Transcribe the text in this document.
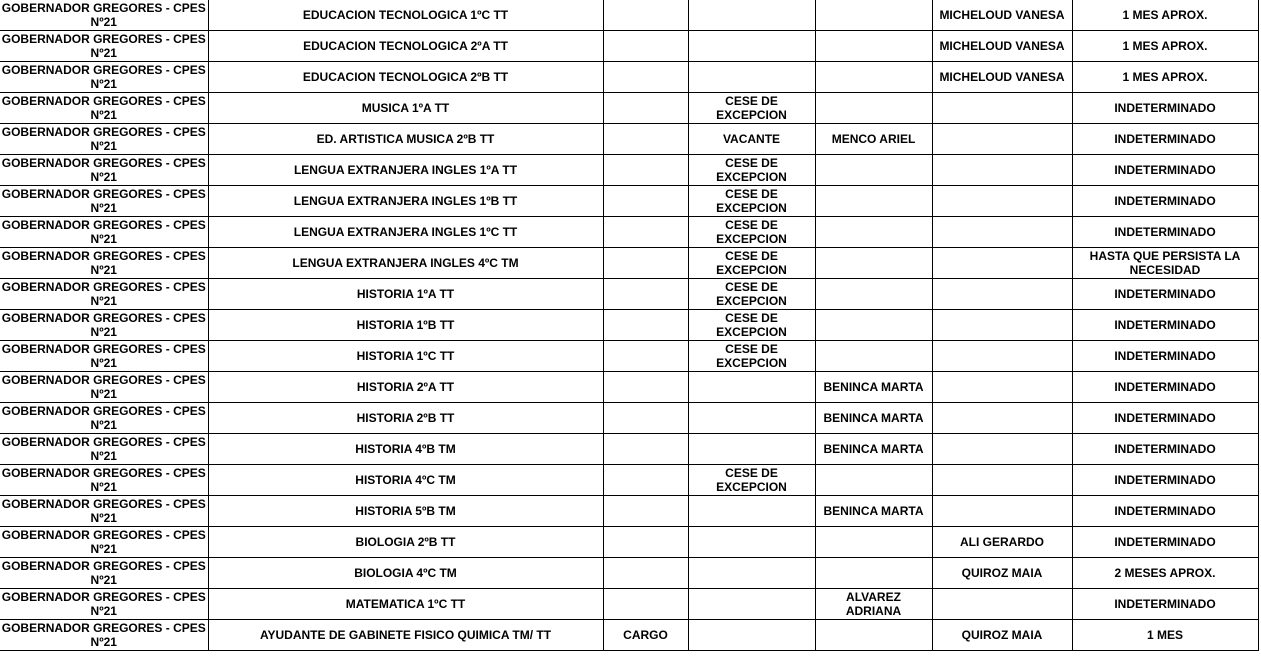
GOBERNADOR GREGORES - CPES Nº21	EDUCACION TECNOLOGICA 1ºC TT				MICHELOUD VANESA	1 MES APROX.
GOBERNADOR GREGORES - CPES Nº21	EDUCACION TECNOLOGICA 2ºA TT				MICHELOUD VANESA	1 MES APROX.
GOBERNADOR GREGORES - CPES Nº21	EDUCACION TECNOLOGICA 2ºB TT				MICHELOUD VANESA	1 MES APROX.
GOBERNADOR GREGORES - CPES Nº21	MUSICA 1ºA TT		CESE DE EXCEPCION			INDETERMINADO
GOBERNADOR GREGORES - CPES Nº21	ED. ARTISTICA MUSICA 2ºB TT		VACANTE	MENCO ARIEL		INDETERMINADO
GOBERNADOR GREGORES - CPES Nº21	LENGUA EXTRANJERA INGLES 1ºA TT		CESE DE EXCEPCION			INDETERMINADO
GOBERNADOR GREGORES - CPES Nº21	LENGUA EXTRANJERA INGLES 1ºB TT		CESE DE EXCEPCION			INDETERMINADO
GOBERNADOR GREGORES - CPES Nº21	LENGUA EXTRANJERA INGLES 1ºC TT		CESE DE EXCEPCION			INDETERMINADO
GOBERNADOR GREGORES - CPES Nº21	LENGUA EXTRANJERA INGLES 4ºC TM		CESE DE EXCEPCION			HASTA QUE PERSISTA LA NECESIDAD
GOBERNADOR GREGORES - CPES Nº21	HISTORIA 1ºA TT		CESE DE EXCEPCION			INDETERMINADO
GOBERNADOR GREGORES - CPES Nº21	HISTORIA 1ºB TT		CESE DE EXCEPCION			INDETERMINADO
GOBERNADOR GREGORES - CPES Nº21	HISTORIA 1ºC TT		CESE DE EXCEPCION			INDETERMINADO
GOBERNADOR GREGORES - CPES Nº21	HISTORIA 2ºA TT			BENINCA MARTA		INDETERMINADO
GOBERNADOR GREGORES - CPES Nº21	HISTORIA 2ºB TT			BENINCA MARTA		INDETERMINADO
GOBERNADOR GREGORES - CPES Nº21	HISTORIA 4ºB TM			BENINCA MARTA		INDETERMINADO
GOBERNADOR GREGORES - CPES Nº21	HISTORIA 4ºC TM		CESE DE EXCEPCION			INDETERMINADO
GOBERNADOR GREGORES - CPES Nº21	HISTORIA 5ºB TM			BENINCA MARTA		INDETERMINADO
GOBERNADOR GREGORES - CPES Nº21	BIOLOGIA 2ºB TT				ALI GERARDO	INDETERMINADO
GOBERNADOR GREGORES - CPES Nº21	BIOLOGIA 4ºC TM				QUIROZ MAIA	2 MESES APROX.
GOBERNADOR GREGORES - CPES Nº21	MATEMATICA 1ºC TT			ALVAREZ ADRIANA		INDETERMINADO
GOBERNADOR GREGORES - CPES Nº21	AYUDANTE DE GABINETE FISICO QUIMICA TM/ TT	CARGO			QUIROZ MAIA	1 MES
